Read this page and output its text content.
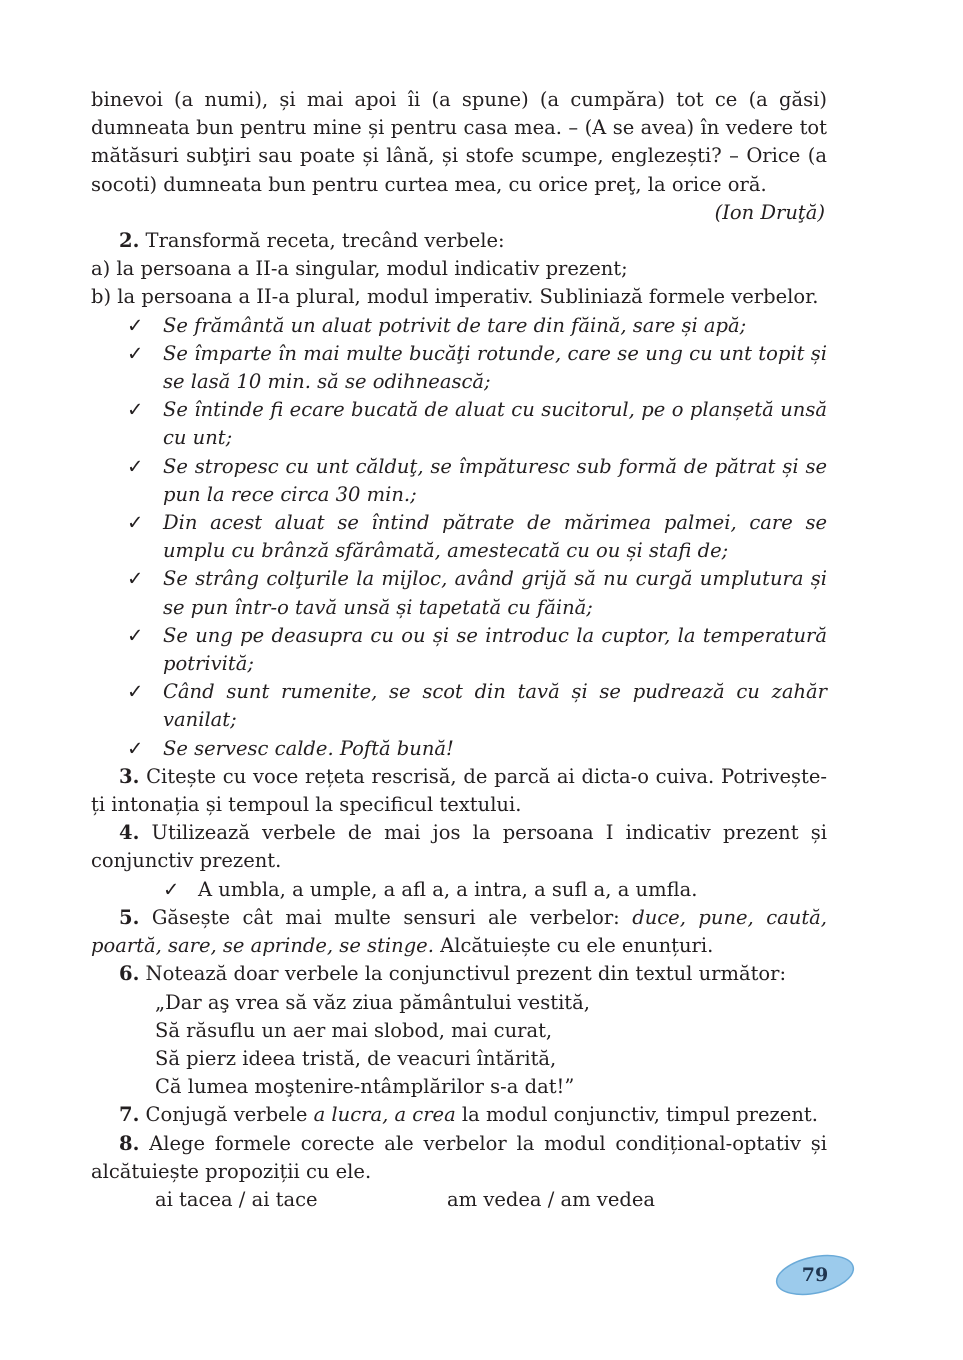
binevoi (a numi), și mai apoi îi (a spune) (a cumpăra) tot ce (a găsi) dumneata bun pentru mine și pentru casa mea. – (A se avea) în vedere tot mătăsuri subţiri sau poate și lână, și stofe scumpe, englezești? – Orice (a socoti) dumneata bun pentru curtea mea, cu orice preţ, la orice oră.

(Ion Druţă)

2. Transformă receta, trecând verbele:

a) la persoana a II-a singular, modul indicativ prezent;

b) la persoana a II-a plural, modul imperativ. Subliniază formele verbelor.

✓ Se frământă un aluat potrivit de tare din făină, sare și apă;
✓ Se împarte în mai multe bucăţi rotunde, care se ung cu unt topit și se lasă 10 min. să se odihnească;
✓ Se întinde fi ecare bucată de aluat cu sucitorul, pe o planșetă unsă cu unt;
✓ Se stropesc cu unt călduţ, se împăturesc sub formă de pătrat și se pun la rece circa 30 min.;
✓ Din acest aluat se întind pătrate de mărimea palmei, care se umplu cu brânză sfărâmată, amestecată cu ou și stafi de;
✓ Se strâng colţurile la mijloc, având grijă să nu curgă umplutura și se pun într-o tavă unsă și tapetată cu făină;
✓ Se ung pe deasupra cu ou și se introduc la cuptor, la temperatură potrivită;
✓ Când sunt rumenite, se scot din tavă și se pudrează cu zahăr vanilat;
✓ Se servesc calde. Poftă bună!

3. Citește cu voce rețeta rescrisă, de parcă ai dicta-o cuiva. Potrivește-ți intonația și tempoul la specificul textului.

4. Utilizează verbele de mai jos la persoana I indicativ prezent și conjunctiv prezent.

✓ A umbla, a umple, a afl a, a intra, a sufl a, a umfla.

5. Găsește cât mai multe sensuri ale verbelor: duce, pune, caută, poartă, sare, se aprinde, se stinge. Alcătuiește cu ele enunțuri.

6. Notează doar verbele la conjunctivul prezent din textul următor:

„Dar aş vrea să văz ziua pământului vestită,

Să răsuflu un aer mai slobod, mai curat,

Să pierz ideea tristă, de veacuri întărită,

Că lumea moştenire-ntâmplărilor s-a dat!”

7. Conjugă verbele a lucra, a crea la modul conjunctiv, timpul prezent.

8. Alege formele corecte ale verbelor la modul condițional-optativ și alcătuiește propoziții cu ele.

ai tacea / ai tace	am vedea / am vedea

79
